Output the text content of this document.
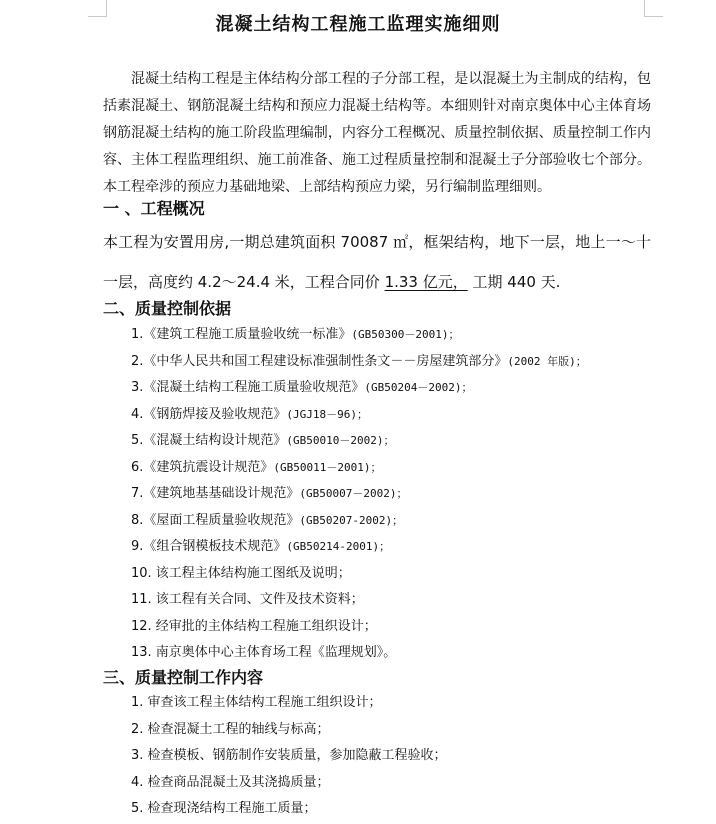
混凝土结构工程施工监理实施细则

混凝土结构工程是主体结构分部工程的子分部工程，是以混凝土为主制成的结构，包括素混凝土、钢筋混凝土结构和预应力混凝土结构等。本细则针对南京奥体中心主体育场钢筋混凝土结构的施工阶段监理编制，内容分工程概况、质量控制依据、质量控制工作内容、主体工程监理组织、施工前准备、施工过程质量控制和混凝土子分部验收七个部分。本工程牵涉的预应力基础地梁、上部结构预应力梁，另行编制监理细则。

一 、工程概况

本工程为安置用房,一期总建筑面积 70087 ㎡，框架结构，地下一层，地上一～十一层，高度约 4.2～24.4 米，工程合同价 1.33 亿元， 工期 440 天.

二、质量控制依据
1.《建筑工程施工质量验收统一标准》(GB50300－2001)；
2.《中华人民共和国工程建设标准强制性条文－－房屋建筑部分》(2002 年版)；
3.《混凝土结构工程施工质量验收规范》(GB50204－2002)；
4.《钢筋焊接及验收规范》(JGJ18－96)；
5.《混凝土结构设计规范》(GB50010－2002)；
6.《建筑抗震设计规范》(GB50011－2001)；
7.《建筑地基基础设计规范》(GB50007－2002)；
8.《屋面工程质量验收规范》(GB50207-2002)；
9.《组合钢模板技术规范》(GB50214-2001)；
10. 该工程主体结构施工图纸及说明；
11. 该工程有关合同、文件及技术资料；
12. 经审批的主体结构工程施工组织设计；
13. 南京奥体中心主体育场工程《监理规划》。
三、质量控制工作内容
1. 审查该工程主体结构工程施工组织设计；
2. 检查混凝土工程的轴线与标高；
3. 检查模板、钢筋制作安装质量，参加隐蔽工程验收；
4. 检查商品混凝土及其浇捣质量；
5. 检查现浇结构工程施工质量；
